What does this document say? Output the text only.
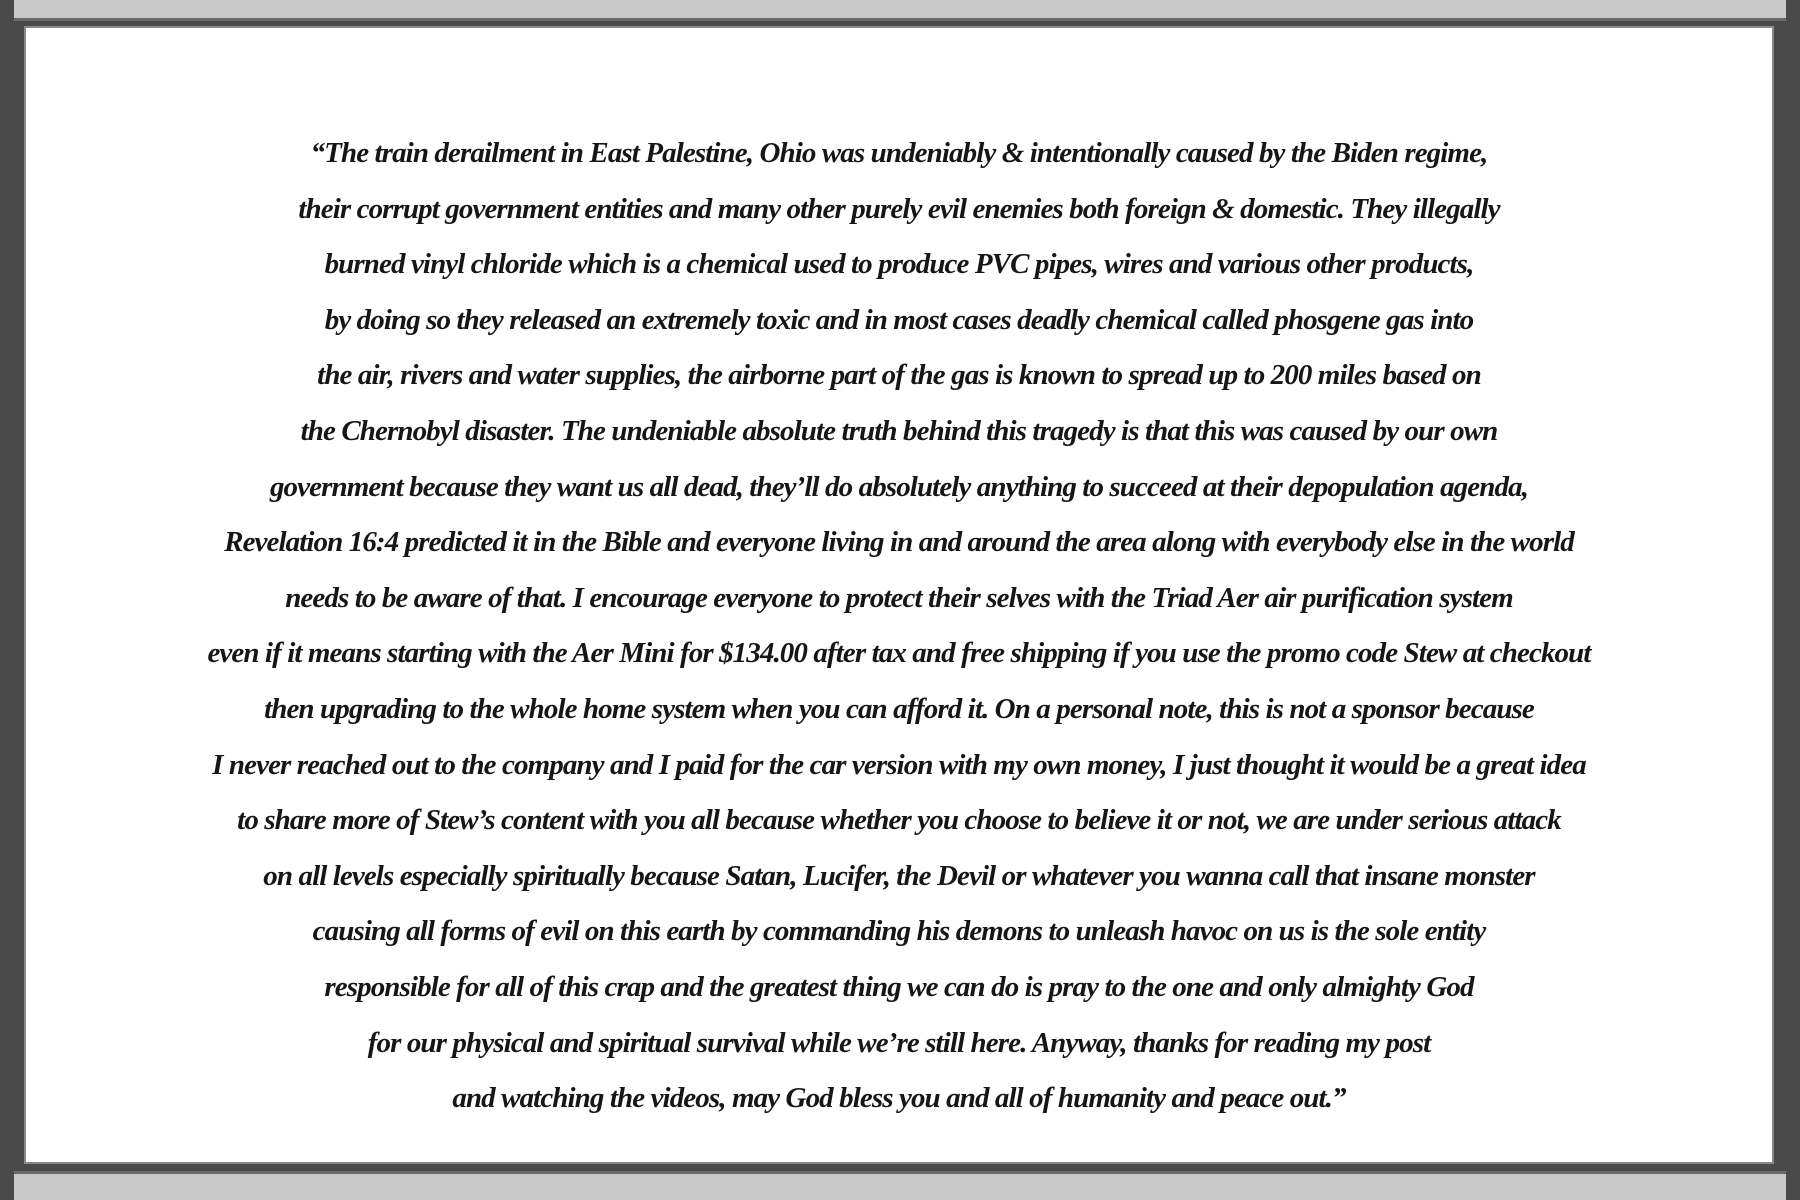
“The train derailment in East Palestine, Ohio was undeniably & intentionally caused by the Biden regime,
their corrupt government entities and many other purely evil enemies both foreign & domestic. They illegally
burned vinyl chloride which is a chemical used to produce PVC pipes, wires and various other products,
by doing so they released an extremely toxic and in most cases deadly chemical called phosgene gas into
the air, rivers and water supplies, the airborne part of the gas is known to spread up to 200 miles based on
the Chernobyl disaster. The undeniable absolute truth behind this tragedy is that this was caused by our own
government because they want us all dead, they’ll do absolutely anything to succeed at their depopulation agenda,
Revelation 16:4 predicted it in the Bible and everyone living in and around the area along with everybody else in the world
needs to be aware of that. I encourage everyone to protect their selves with the Triad Aer air purification system
even if it means starting with the Aer Mini for $134.00 after tax and free shipping if you use the promo code Stew at checkout
then upgrading to the whole home system when you can afford it. On a personal note, this is not a sponsor because
I never reached out to the company and I paid for the car version with my own money, I just thought it would be a great idea
to share more of Stew’s content with you all because whether you choose to believe it or not, we are under serious attack
on all levels especially spiritually because Satan, Lucifer, the Devil or whatever you wanna call that insane monster
causing all forms of evil on this earth by commanding his demons to unleash havoc on us is the sole entity
responsible for all of this crap and the greatest thing we can do is pray to the one and only almighty God
for our physical and spiritual survival while we’re still here. Anyway, thanks for reading my post
and watching the videos, may God bless you and all of humanity and peace out.”
